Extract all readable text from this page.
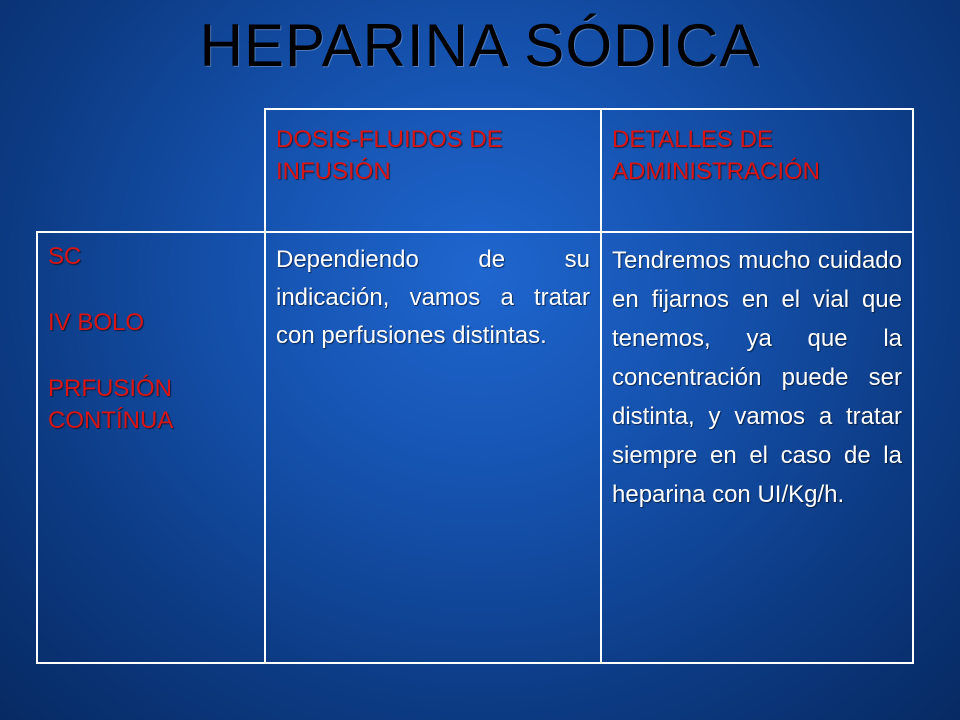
HEPARINA SÓDICA
DOSIS-FLUIDOS DE INFUSIÓN
DETALLES DE ADMINISTRACIÓN
SC
IV BOLO
PRFUSIÓN CONTÍNUA
Dependiendo de su indicación, vamos a tratar con perfusiones distintas.
Tendremos mucho cuidado en fijarnos en el vial que tenemos, ya que la concentración puede ser distinta, y vamos a tratar siempre en el caso de la heparina con UI/Kg/h.
